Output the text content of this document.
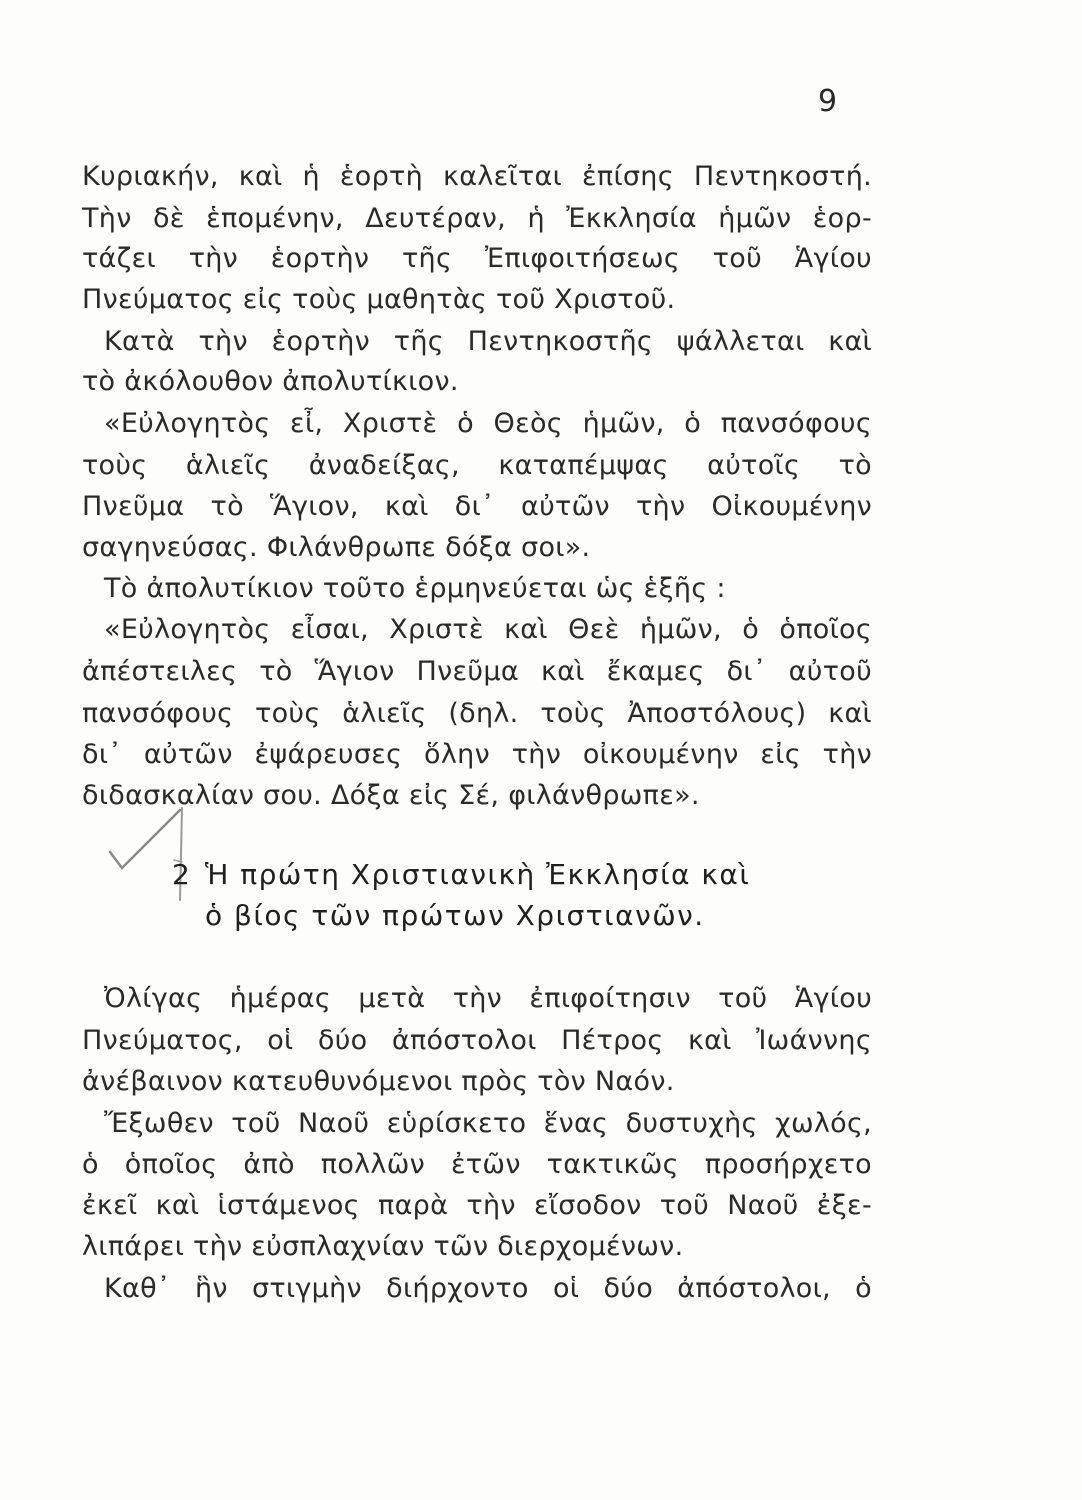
9
Κυριακήν, καὶ ἡ ἑορτὴ καλεῖται ἐπίσης Πεντηκοστή.
Τὴν δὲ ἑπομένην, Δευτέραν, ἡ Ἐκκλησία ἡμῶν ἑορ-
τάζει τὴν ἑορτὴν τῆς Ἐπιφοιτήσεως τοῦ Ἁγίου
Πνεύματος εἰς τοὺς μαθητὰς τοῦ Χριστοῦ.
Κατὰ τὴν ἑορτὴν τῆς Πεντηκοστῆς ψάλλεται καὶ
τὸ ἀκόλουθον ἀπολυτίκιον.
«Εὐλογητὸς εἶ, Χριστὲ ὁ Θεὸς ἡμῶν, ὁ πανσόφους
τοὺς ἁλιεῖς ἀναδείξας, καταπέμψας αὐτοῖς τὸ
Πνεῦμα τὸ Ἅγιον, καὶ δι᾿ αὐτῶν τὴν Οἰκουμένην
σαγηνεύσας. Φιλάνθρωπε δόξα σοι».
Τὸ ἀπολυτίκιον τοῦτο ἑρμηνεύεται ὡς ἑξῆς :
«Εὐλογητὸς εἶσαι, Χριστὲ καὶ Θεὲ ἡμῶν, ὁ ὁποῖος
ἀπέστειλες τὸ Ἅγιον Πνεῦμα καὶ ἔκαμες δι᾿ αὐτοῦ
πανσόφους τοὺς ἁλιεῖς (δηλ. τοὺς Ἀποστόλους) καὶ
δι᾿ αὐτῶν ἐψάρευσες ὅλην τὴν οἰκουμένην εἰς τὴν
διδασκαλίαν σου. Δόξα εἰς Σέ, φιλάνθρωπε».
2 Ἡ πρώτη Χριστιανικὴ Ἐκκλησία καὶ
ὁ βίος τῶν πρώτων Χριστιανῶν.
Ὀλίγας ἡμέρας μετὰ τὴν ἐπιφοίτησιν τοῦ Ἁγίου
Πνεύματος, οἱ δύο ἀπόστολοι Πέτρος καὶ Ἰωάννης
ἀνέβαινον κατευθυνόμενοι πρὸς τὸν Ναόν.
Ἔξωθεν τοῦ Ναοῦ εὑρίσκετο ἕνας δυστυχὴς χωλός,
ὁ ὁποῖος ἀπὸ πολλῶν ἐτῶν τακτικῶς προσήρχετο
ἐκεῖ καὶ ἱστάμενος παρὰ τὴν εἴσοδον τοῦ Ναοῦ ἐξε-
λιπάρει τὴν εὐσπλαχνίαν τῶν διερχομένων.
Καθ᾿ ἣν στιγμὴν διήρχοντο οἱ δύο ἀπόστολοι, ὁ
